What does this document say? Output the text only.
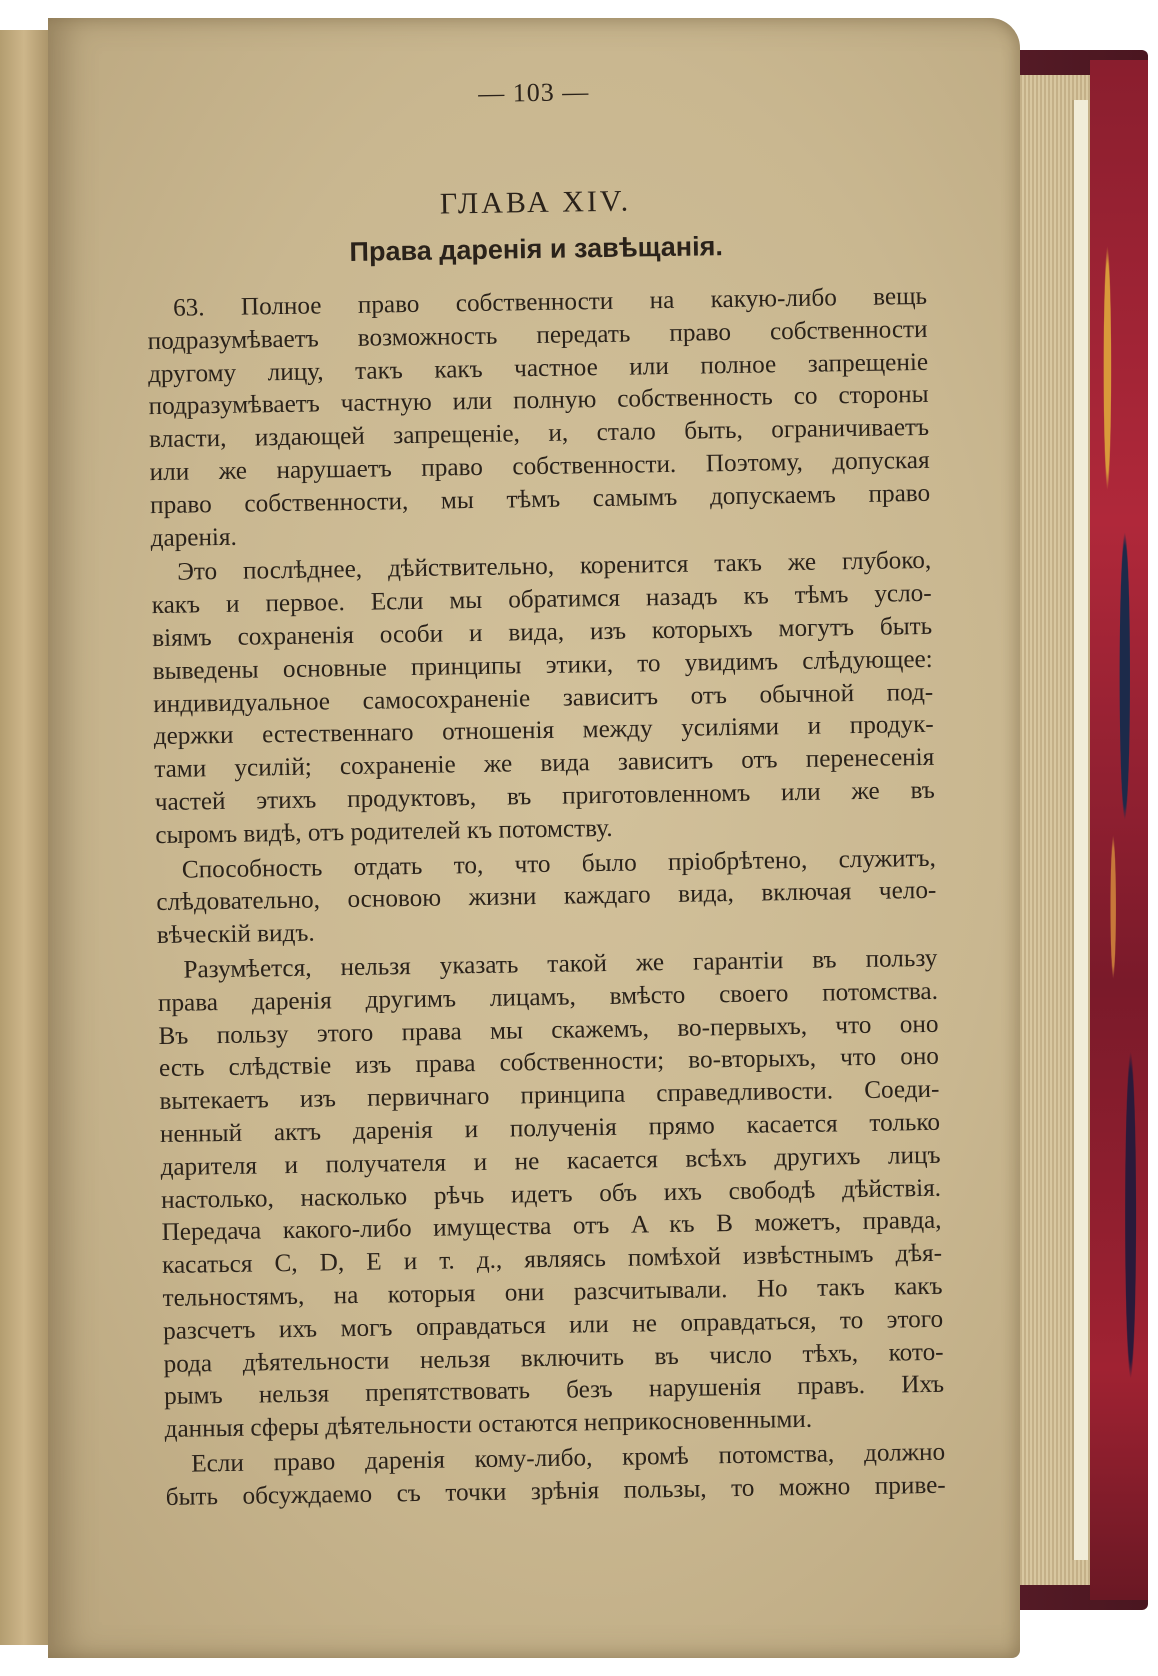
— 103 —
ГЛАВА XIV.
Права даренія и завѣщанія.
63. Полное право собственности на какую-либо вещь
подразумѣваетъ возможность передать право собственности
другому лицу, такъ какъ частное или полное запрещеніе
подразумѣваетъ частную или полную собственность со стороны
власти, издающей запрещеніе, и, стало быть, ограничиваетъ
или же нарушаетъ право собственности. Поэтому, допуская
право собственности, мы тѣмъ самымъ допускаемъ право
даренія.
Это послѣднее, дѣйствительно, коренится такъ же глубоко,
какъ и первое. Если мы обратимся назадъ къ тѣмъ усло-
віямъ сохраненія особи и вида, изъ которыхъ могутъ быть
выведены основные принципы этики, то увидимъ слѣдующее:
индивидуальное самосохраненіе зависитъ отъ обычной под-
держки естественнаго отношенія между усиліями и продук-
тами усилій; сохраненіе же вида зависитъ отъ перенесенія
частей этихъ продуктовъ, въ приготовленномъ или же въ
сыромъ видѣ, отъ родителей къ потомству.
Способность отдать то, что было пріобрѣтено, служитъ,
слѣдовательно, основою жизни каждаго вида, включая чело-
вѣческій видъ.
Разумѣется, нельзя указать такой же гарантіи въ пользу
права даренія другимъ лицамъ, вмѣсто своего потомства.
Въ пользу этого права мы скажемъ, во-первыхъ, что оно
есть слѣдствіе изъ права собственности; во-вторыхъ, что оно
вытекаетъ изъ первичнаго принципа справедливости. Соеди-
ненный актъ даренія и полученія прямо касается только
дарителя и получателя и не касается всѣхъ другихъ лицъ
настолько, насколько рѣчь идетъ объ ихъ свободѣ дѣйствія.
Передача какого-либо имущества отъ A къ B можетъ, правда,
касаться C, D, E и т. д., являясь помѣхой извѣстнымъ дѣя-
тельностямъ, на которыя они разсчитывали. Но такъ какъ
разсчетъ ихъ могъ оправдаться или не оправдаться, то этого
рода дѣятельности нельзя включить въ число тѣхъ, кото-
рымъ нельзя препятствовать безъ нарушенія правъ. Ихъ
данныя сферы дѣятельности остаются неприкосновенными.
Если право даренія кому-либо, кромѣ потомства, должно
быть обсуждаемо съ точки зрѣнія пользы, то можно приве-
